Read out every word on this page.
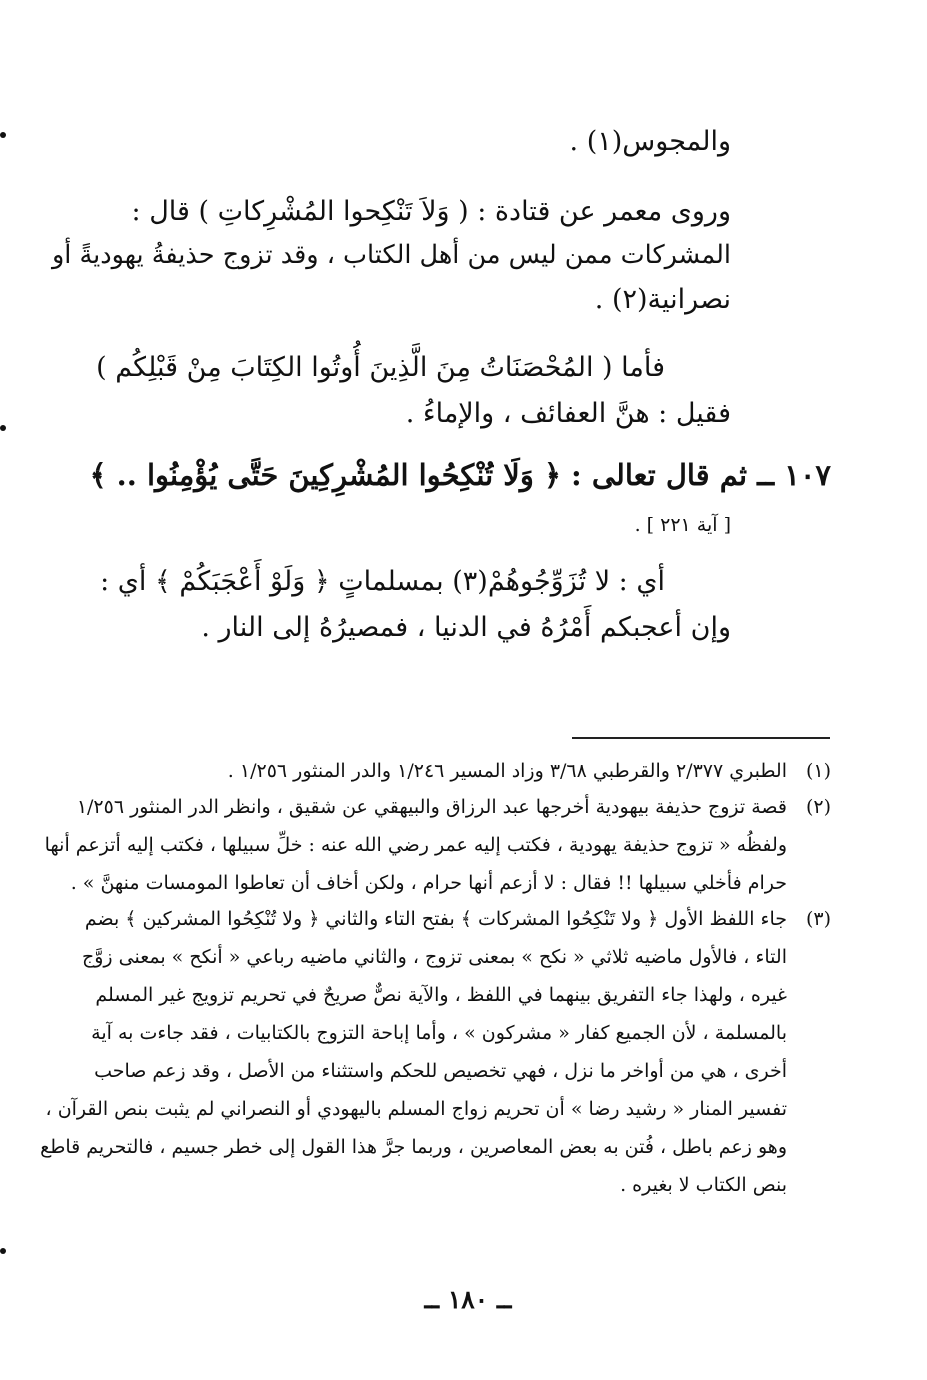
والمجوس(١) .
وروى معمر عن قتادة : ( وَلاَ تَنْكِحوا المُشْرِكاتِ ) قال :
المشركات ممن ليس من أهل الكتاب ، وقد تزوج حذيفةُ يهوديةً أو
نصرانية(٢) .
فأما ( المُحْصَنَاتُ مِنَ الَّذِينَ أُوتُوا الكِتَابَ مِنْ قَبْلِكُم )
فقيل : هنَّ العفائف ، والإماءُ .
١٠٧ ــ ثم قال تعالى : ﴿ وَلَا تُنْكِحُوا المُشْرِكِينَ حَتَّى يُؤْمِنُوا .. ﴾
[ آية ٢٢١ ] .
أي : لا تُزَوِّجُوهُمْ(٣) بمسلماتٍ ﴿ وَلَوْ أَعْجَبَكُمْ ﴾ أي :
وإن أعجبكم أَمْرُهُ في الدنيا ، فمصيرُهُ إلى النار .
(١)
الطبري ٢/٣٧٧ والقرطبي ٣/٦٨ وزاد المسير ١/٢٤٦ والدر المنثور ١/٢٥٦ .
(٢)
قصة تزوج حذيفة بيهودية أخرجها عبد الرزاق والبيهقي عن شقيق ، وانظر الدر المنثور ١/٢٥٦
ولفظُه « تزوج حذيفة يهودية ، فكتب إليه عمر رضي الله عنه : خلِّ سبيلها ، فكتب إليه أتزعم أنها
حرام فأخلي سبيلها !! فقال : لا أزعم أنها حرام ، ولكن أخاف أن تعاطوا المومسات منهنَّ » .
(٣)
جاء اللفظ الأول ﴿ ولا تَنْكِحُوا المشركات ﴾ بفتح التاء والثاني ﴿ ولا تُنْكِحُوا المشركين ﴾ بضم
التاء ، فالأول ماضيه ثلاثي « نكح » بمعنى تزوج ، والثاني ماضيه رباعي « أنكح » بمعنى زوَّج
غيره ، ولهذا جاء التفريق بينهما في اللفظ ، والآية نصٌّ صريحٌ في تحريم تزويج غير المسلم
بالمسلمة ، لأن الجميع كفار « مشركون » ، وأما إباحة التزوج بالكتابيات ، فقد جاءت به آية
أخرى ، هي من أواخر ما نزل ، فهي تخصيص للحكم واستثناء من الأصل ، وقد زعم صاحب
تفسير المنار « رشيد رضا » أن تحريم زواج المسلم باليهودي أو النصراني لم يثبت بنص القرآن ،
وهو زعم باطل ، فُتن به بعض المعاصرين ، وربما جرَّ هذا القول إلى خطر جسيم ، فالتحريم قاطع
بنص الكتاب لا بغيره .
ــ ١٨٠ ــ
